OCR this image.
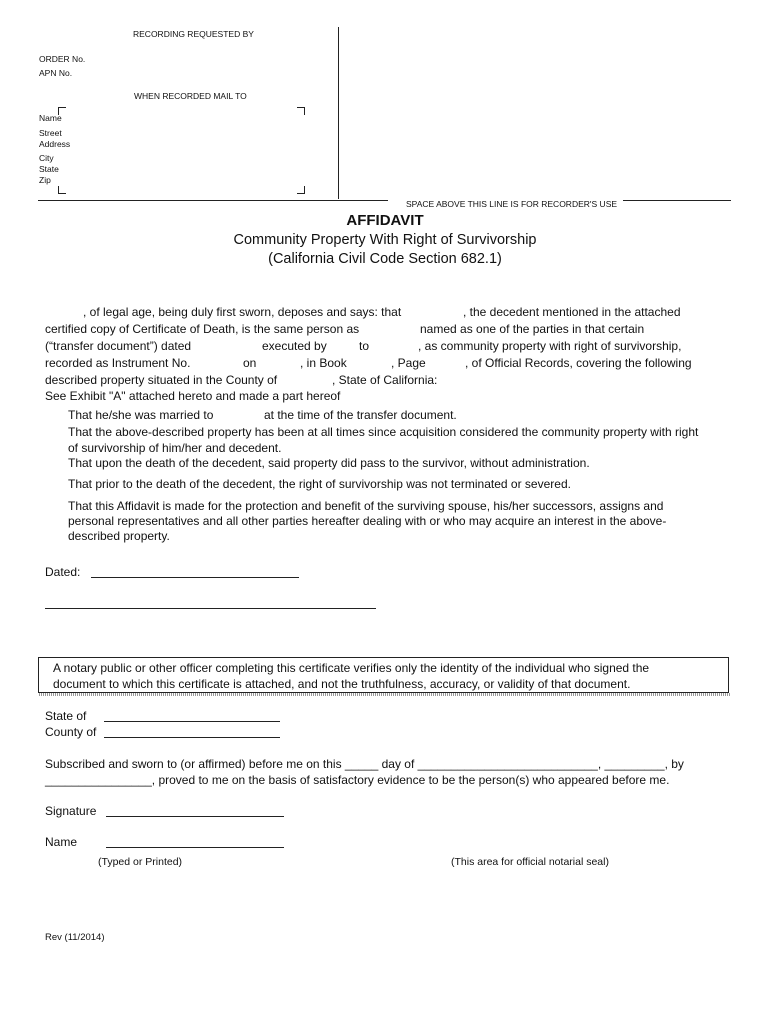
RECORDING REQUESTED BY
ORDER No.
APN No.
WHEN RECORDED MAIL TO
Name
Street
Address
City
State
Zip
SPACE ABOVE THIS LINE IS FOR RECORDER'S USE
AFFIDAVIT
Community Property With Right of Survivorship
(California Civil Code Section 682.1)
, of legal age, being duly first sworn, deposes and says: that	, the decedent mentioned in the attached
certified copy of Certificate of Death, is the same person as	named as one of the parties in that certain
(“transfer document”) dated	executed by	to	, as community property with right of survivorship,
recorded as Instrument No.	on	, in Book	, Page	, of Official Records, covering the following
described property situated in the County of	, State of California:
See Exhibit "A" attached hereto and made a part hereof
That he/she was married to	at the time of the transfer document.
That the above-described property has been at all times since acquisition considered the community property with right
of survivorship of him/her and decedent.
That upon the death of the decedent, said property did pass to the survivor, without administration.
That prior to the death of the decedent, the right of survivorship was not terminated or severed.
That this Affidavit is made for the protection and benefit of the surviving spouse, his/her successors, assigns and
personal representatives and all other parties hereafter dealing with or who may acquire an interest in the above-
described property.
Dated:
A notary public or other officer completing this certificate verifies only the identity of the individual who signed the
document to which this certificate is attached, and not the truthfulness, accuracy, or validity of that document.
State of
County of
Subscribed and sworn to (or affirmed) before me on this _____ day of ___________________________, _________, by
________________, proved to me on the basis of satisfactory evidence to be the person(s) who appeared before me.
Signature
Name
(Typed or Printed)	(This area for official notarial seal)
Rev (11/2014)
